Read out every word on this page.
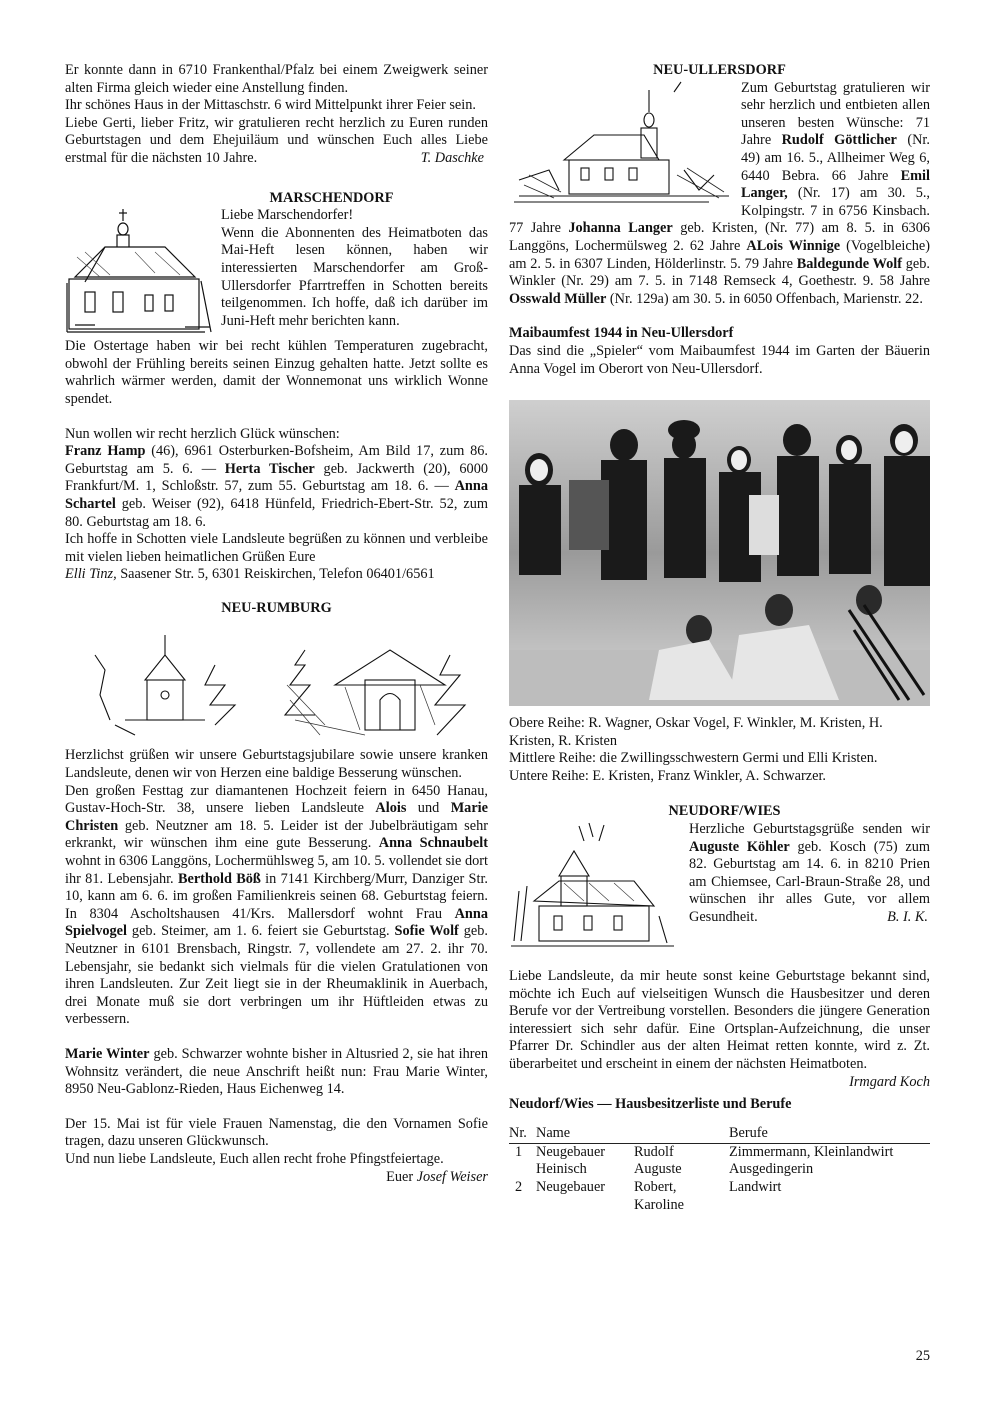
Er konnte dann in 6710 Frankenthal/Pfalz bei einem Zweigwerk seiner alten Firma gleich wieder eine Anstellung finden.

Ihr schönes Haus in der Mittaschstr. 6 wird Mittelpunkt ihrer Feier sein.

Liebe Gerti, lieber Fritz, wir gratulieren recht herzlich zu Euren runden Geburtstagen und dem Ehejuiläum und wünschen Euch alles Liebe erstmal für die nächsten 10 Jahre.	T. Daschke

MARSCHENDORF

Liebe Marschendorfer!

Wenn die Abonnenten des Heimatboten das Mai-Heft lesen können, haben wir interessierten Marschendorfer am Groß-Ullersdorfer Pfarrtreffen in Schotten bereits teilgenommen. Ich hoffe, daß ich darüber im Juni-Heft mehr berichten kann.

Die Ostertage haben wir bei recht kühlen Temperaturen zugebracht, obwohl der Frühling bereits seinen Einzug gehalten hatte. Jetzt sollte es wahrlich wärmer werden, damit der Wonnemonat uns wirklich Wonne spendet.

Nun wollen wir recht herzlich Glück wünschen:

Franz Hamp (46), 6961 Osterburken-Bofsheim, Am Bild 17, zum 86. Geburtstag am 5. 6. — Herta Tischer geb. Jackwerth (20), 6000 Frankfurt/M. 1, Schloßstr. 57, zum 55. Geburtstag am 18. 6. — Anna Schartel geb. Weiser (92), 6418 Hünfeld, Friedrich-Ebert-Str. 52, zum 80. Geburtstag am 18. 6.

Ich hoffe in Schotten viele Landsleute begrüßen zu können und verbleibe mit vielen lieben heimatlichen Grüßen Eure

Elli Tinz, Saasener Str. 5, 6301 Reiskirchen, Telefon 06401/6561

NEU-RUMBURG

Herzlichst grüßen wir unsere Geburtstagsjubilare sowie unsere kranken Landsleute, denen wir von Herzen eine baldige Besserung wünschen.

Den großen Festtag zur diamantenen Hochzeit feiern in 6450 Hanau, Gustav-Hoch-Str. 38, unsere lieben Landsleute Alois und Marie Christen geb. Neutzner am 18. 5. Leider ist der Jubelbräutigam sehr erkrankt, wir wünschen ihm eine gute Besserung. Anna Schnaubelt wohnt in 6306 Langgöns, Lochermühlsweg 5, am 10. 5. vollendet sie dort ihr 81. Lebensjahr. Berthold Böß in 7141 Kirchberg/Murr, Danziger Str. 10, kann am 6. 6. im großen Familienkreis seinen 68. Geburtstag feiern. In 8304 Ascholtshausen 41/Krs. Mallersdorf wohnt Frau Anna Spielvogel geb. Steimer, am 1. 6. feiert sie Geburtstag. Sofie Wolf geb. Neutzner in 6101 Brensbach, Ringstr. 7, vollendete am 27. 2. ihr 70. Lebensjahr, sie bedankt sich vielmals für die vielen Gratulationen von ihren Landsleuten. Zur Zeit liegt sie in der Rheumaklinik in Auerbach, drei Monate muß sie dort verbringen um ihr Hüftleiden etwas zu verbessern.

Marie Winter geb. Schwarzer wohnte bisher in Altusried 2, sie hat ihren Wohnsitz verändert, die neue Anschrift heißt nun: Frau Marie Winter, 8950 Neu-Gablonz-Rieden, Haus Eichenweg 14.

Der 15. Mai ist für viele Frauen Namenstag, die den Vornamen Sofie tragen, dazu unseren Glückwunsch.

Und nun liebe Landsleute, Euch allen recht frohe Pfingstfeiertage.
Euer Josef Weiser

NEU-ULLERSDORF

Zum Geburtstag gratulieren wir sehr herzlich und entbieten allen unseren besten Wünsche: 71 Jahre Rudolf Göttlicher (Nr. 49) am 16. 5., Allheimer Weg 6, 6440 Bebra. 66 Jahre Emil Langer, (Nr. 17) am 30. 5., Kolpingstr. 7 in 6756 Kinsbach. 77 Jahre Johanna Langer geb. Kristen, (Nr. 77) am 8. 5. in 6306 Langgöns, Lochermülsweg 2. 62 Jahre ALois Winnige (Vogelbleiche) am 2. 5. in 6307 Linden, Hölderlinstr. 5. 79 Jahre Baldegunde Wolf geb. Winkler (Nr. 29) am 7. 5. in 7148 Remseck 4, Goethestr. 9. 58 Jahre Osswald Müller (Nr. 129a) am 30. 5. in 6050 Offenbach, Marienstr. 22.

Maibaumfest 1944 in Neu-Ullersdorf

Das sind die „Spieler“ vom Maibaumfest 1944 im Garten der Bäuerin Anna Vogel im Oberort von Neu-Ullersdorf.

Obere Reihe: R. Wagner, Oskar Vogel, F. Winkler, M. Kristen, H. Kristen, R. Kristen

Mittlere Reihe: die Zwillingsschwestern Germi und Elli Kristen.

Untere Reihe: E. Kristen, Franz Winkler, A. Schwarzer.

NEUDORF/WIES

Herzliche Geburtstagsgrüße senden wir Auguste Köhler geb. Kosch (75) zum 82. Geburtstag am 14. 6. in 8210 Prien am Chiemsee, Carl-Braun-Straße 28, und wünschen ihr alles Gute, vor allem Gesundheit.	B. I. K.

Liebe Landsleute, da mir heute sonst keine Geburtstage bekannt sind, möchte ich Euch auf vielseitigen Wunsch die Hausbesitzer und deren Berufe vor der Vertreibung vorstellen. Besonders die jüngere Generation interessiert sich sehr dafür. Eine Ortsplan-Aufzeichnung, die unser Pfarrer Dr. Schindler aus der alten Heimat retten konnte, wird z. Zt. überarbeitet und erscheint in einem der nächsten Heimatboten.
Irmgard Koch

Neudorf/Wies — Hausbesitzerliste und Berufe

Nr.	Name		Berufe
1	Neugebauer	Rudolf	Zimmermann, Kleinlandwirt
	Heinisch	Auguste	Ausgedingerin
2	Neugebauer	Robert,	Landwirt
		Karoline	
25
